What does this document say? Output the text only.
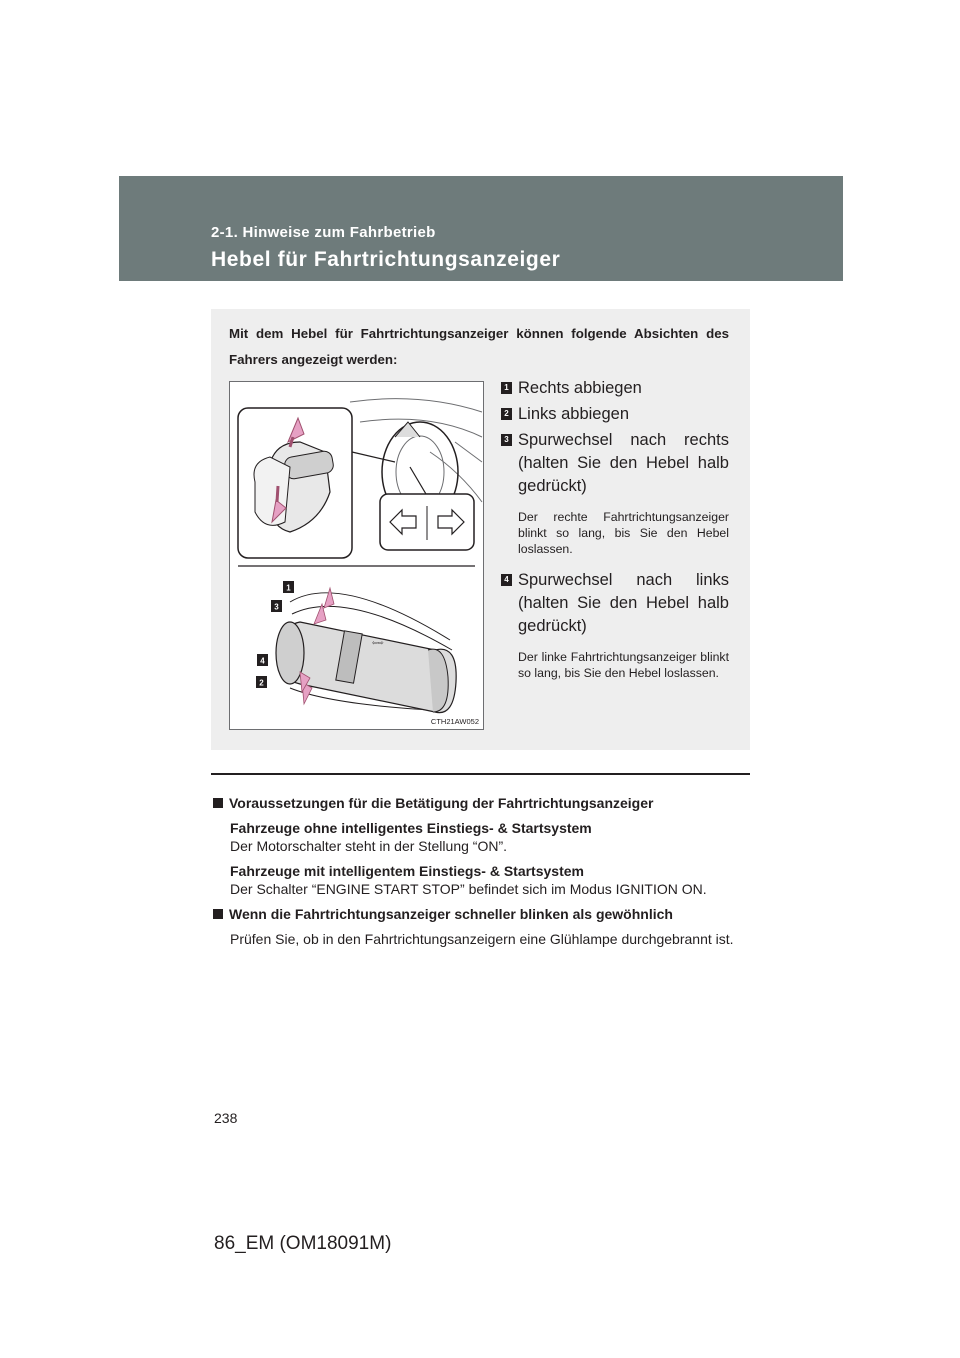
2-1. Hinweise zum Fahrbetrieb
Hebel für Fahrtrichtungsanzeiger
Mit dem Hebel für Fahrtrichtungsanzeiger können folgende Absichten des Fahrers angezeigt werden:
⇦⇨
1
3
4
2
CTH21AW052
1 Rechts abbiegen
2 Links abbiegen
3 Spurwechsel nach rechts (halten Sie den Hebel halb gedrückt)
Der rechte Fahrtrichtungsanzeiger blinkt so lang, bis Sie den Hebel loslassen.
4 Spurwechsel nach links (halten Sie den Hebel halb gedrückt)
Der linke Fahrtrichtungsanzeiger blinkt so lang, bis Sie den Hebel loslassen.
Voraussetzungen für die Betätigung der Fahrtrichtungsanzeiger
Fahrzeuge ohne intelligentes Einstiegs- & Startsystem
Der Motorschalter steht in der Stellung “ON”.
Fahrzeuge mit intelligentem Einstiegs- & Startsystem
Der Schalter “ENGINE START STOP” befindet sich im Modus IGNITION ON.
Wenn die Fahrtrichtungsanzeiger schneller blinken als gewöhnlich
Prüfen Sie, ob in den Fahrtrichtungsanzeigern eine Glühlampe durchgebrannt ist.
238
86_EM (OM18091M)
